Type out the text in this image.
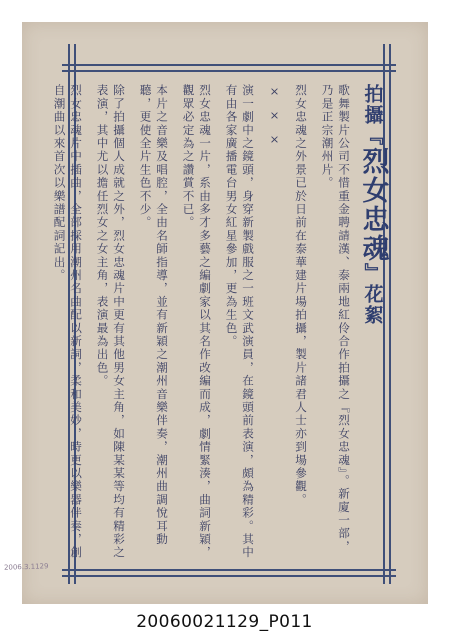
拍攝
『
烈女忠魂
』
花絮

歌舞製片公司不惜重金聘請漢、泰兩地紅伶合作拍攝之『烈女忠魂』。新廈一部，乃是正宗潮州片。

烈女忠魂之外景已於日前在泰華建片場拍攝，製片諸君人士亦到場參觀。

×××

演一劇中之鏡頭，身穿新製戲服之一班文武演員，在鏡頭前表演，頗為精彩。其中有由各家廣播電台男女紅星參加，更為生色。

烈女忠魂一片，系由多才多藝之編劇家以其名作改編而成，劇情緊湊，曲詞新穎，觀眾必定為之讚賞不已。

本片之音樂及唱腔，全由名師指導，並有新穎之潮州音樂伴奏，潮州曲調悅耳動聽，更使全片生色不少。

除了拍攝個人成就之外，烈女忠魂片中更有其他男女主角，如陳某某等均有精彩之表演，其中尤以擔任烈女之女主角，表演最為出色。

烈女忠魂片中插曲，全部採用潮州名曲配以新詞，柔和美妙，時更以樂器伴奏，創自潮曲以來首次以樂譜配詞記出。

2006.3.1129
20060021129_P011
